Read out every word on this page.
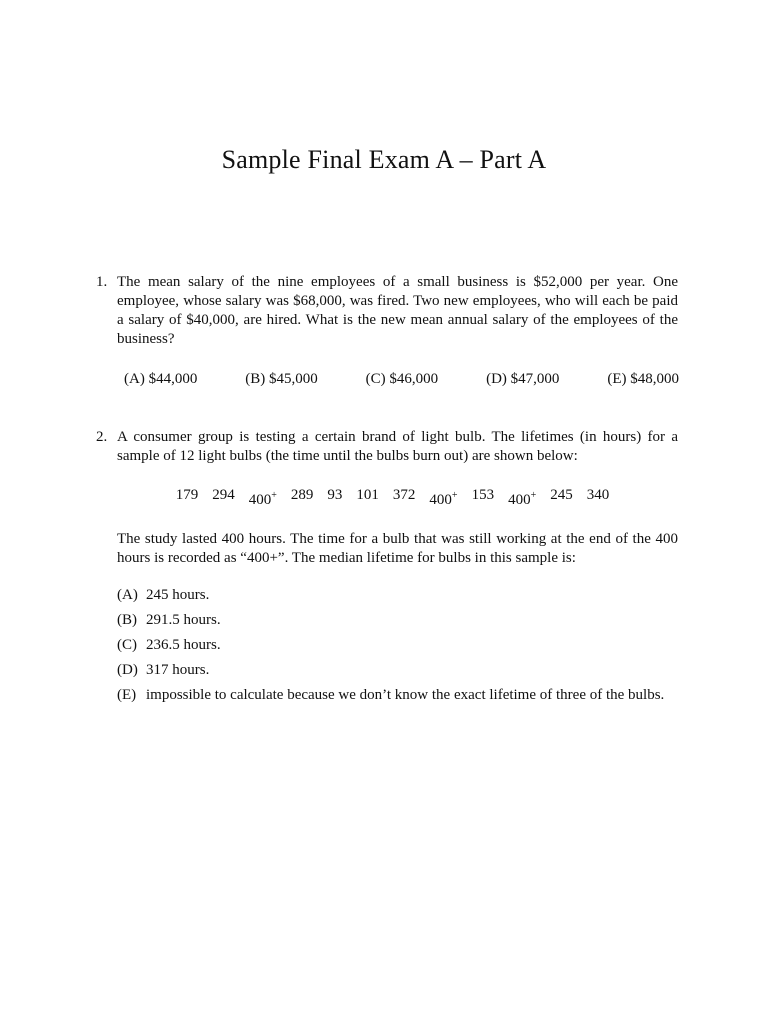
Sample Final Exam A – Part A
1. The mean salary of the nine employees of a small business is $52,000 per year. One employee, whose salary was $68,000, was fired. Two new employees, who will each be paid a salary of $40,000, are hired. What is the new mean annual salary of the employees of the business?
(A) $44,000	(B) $45,000	(C) $46,000	(D) $47,000	(E) $48,000
2. A consumer group is testing a certain brand of light bulb. The lifetimes (in hours) for a sample of 12 light bulbs (the time until the bulbs burn out) are shown below:
179 294 400+ 289 93 101 372 400+ 153 400+ 245 340
The study lasted 400 hours. The time for a bulb that was still working at the end of the 400 hours is recorded as “400+”. The median lifetime for bulbs in this sample is:
(A) 245 hours.
(B) 291.5 hours.
(C) 236.5 hours.
(D) 317 hours.
(E) impossible to calculate because we don’t know the exact lifetime of three of the bulbs.
